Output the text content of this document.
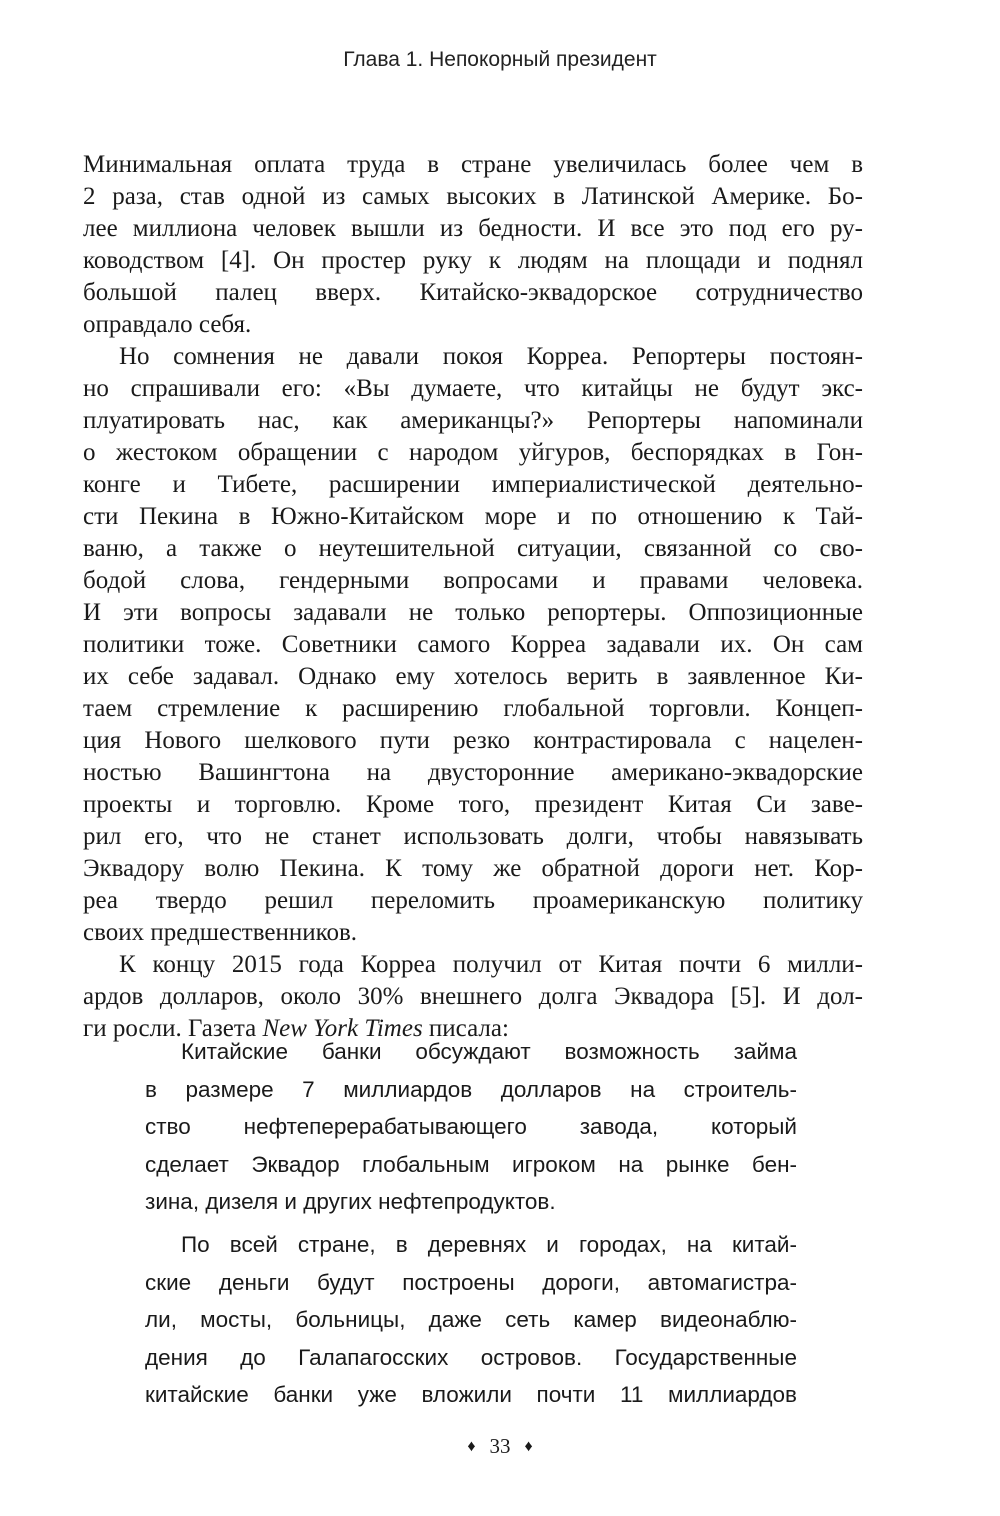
Глава 1. Непокорный президент
Минимальная оплата труда в стране увеличилась более чем в
2 раза, став одной из самых высоких в Латинской Америке. Бо-
лее миллиона человек вышли из бедности. И все это под его ру-
ководством [4]. Он простер руку к людям на площади и поднял
большой палец вверх. Китайско-эквадорское сотрудничество
оправдало себя.
Но сомнения не давали покоя Корреа. Репортеры постоян-
но спрашивали его: «Вы думаете, что китайцы не будут экс-
плуатировать нас, как американцы?» Репортеры напоминали
о жестоком обращении с народом уйгуров, беспорядках в Гон-
конге и Тибете, расширении империалистической деятельно-
сти Пекина в Южно-Китайском море и по отношению к Тай-
ваню, а также о неутешительной ситуации, связанной со сво-
бодой слова, гендерными вопросами и правами человека.
И эти вопросы задавали не только репортеры. Оппозиционные
политики тоже. Советники самого Корреа задавали их. Он сам
их себе задавал. Однако ему хотелось верить в заявленное Ки-
таем стремление к расширению глобальной торговли. Концеп-
ция Нового шелкового пути резко контрастировала с нацелен-
ностью Вашингтона на двусторонние американо-эквадорские
проекты и торговлю. Кроме того, президент Китая Си заве-
рил его, что не станет использовать долги, чтобы навязывать
Эквадору волю Пекина. К тому же обратной дороги нет. Кор-
реа твердо решил переломить проамериканскую политику
своих предшественников.
К концу 2015 года Корреа получил от Китая почти 6 милли-
ардов долларов, около 30% внешнего долга Эквадора [5]. И дол-
ги росли. Газета New York Times писала:
Китайские банки обсуждают возможность займа
в размере 7 миллиардов долларов на строитель-
ство нефтеперерабатывающего завода, который
сделает Эквадор глобальным игроком на рынке бен-
зина, дизеля и других нефтепродуктов.
По всей стране, в деревнях и городах, на китай-
ские деньги будут построены дороги, автомагистра-
ли, мосты, больницы, даже сеть камер видеонаблю-
дения до Галапагосских островов. Государственные
китайские банки уже вложили почти 11 миллиардов
♦ 33 ♦
